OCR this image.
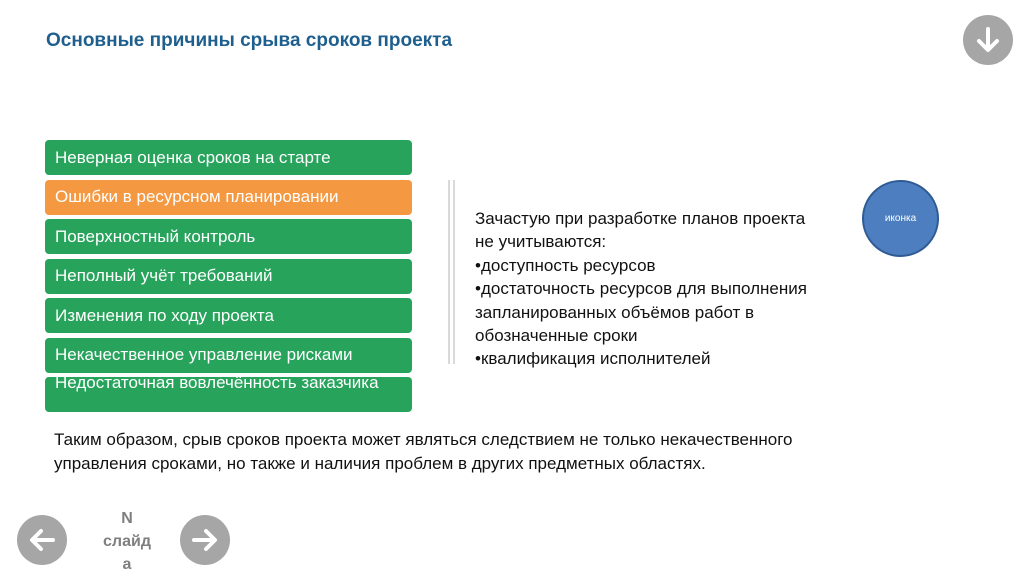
Основные причины срыва сроков проекта
Неверная оценка сроков на старте
Ошибки в ресурсном планировании
Поверхностный контроль
Неполный учёт требований
Изменения по ходу проекта
Некачественное управление рисками
Недостаточная вовлечённость заказчика
Зачастую при разработке планов проекта
не учитываются:
•доступность ресурсов
•достаточность ресурсов для выполнения
запланированных объёмов работ в
обозначенные сроки
•квалификация исполнителей
иконка
Таким образом, срыв сроков проекта может являться следствием не только некачественного
управления сроками, но также и наличия проблем в других предметных областях.
N
слайд
а
